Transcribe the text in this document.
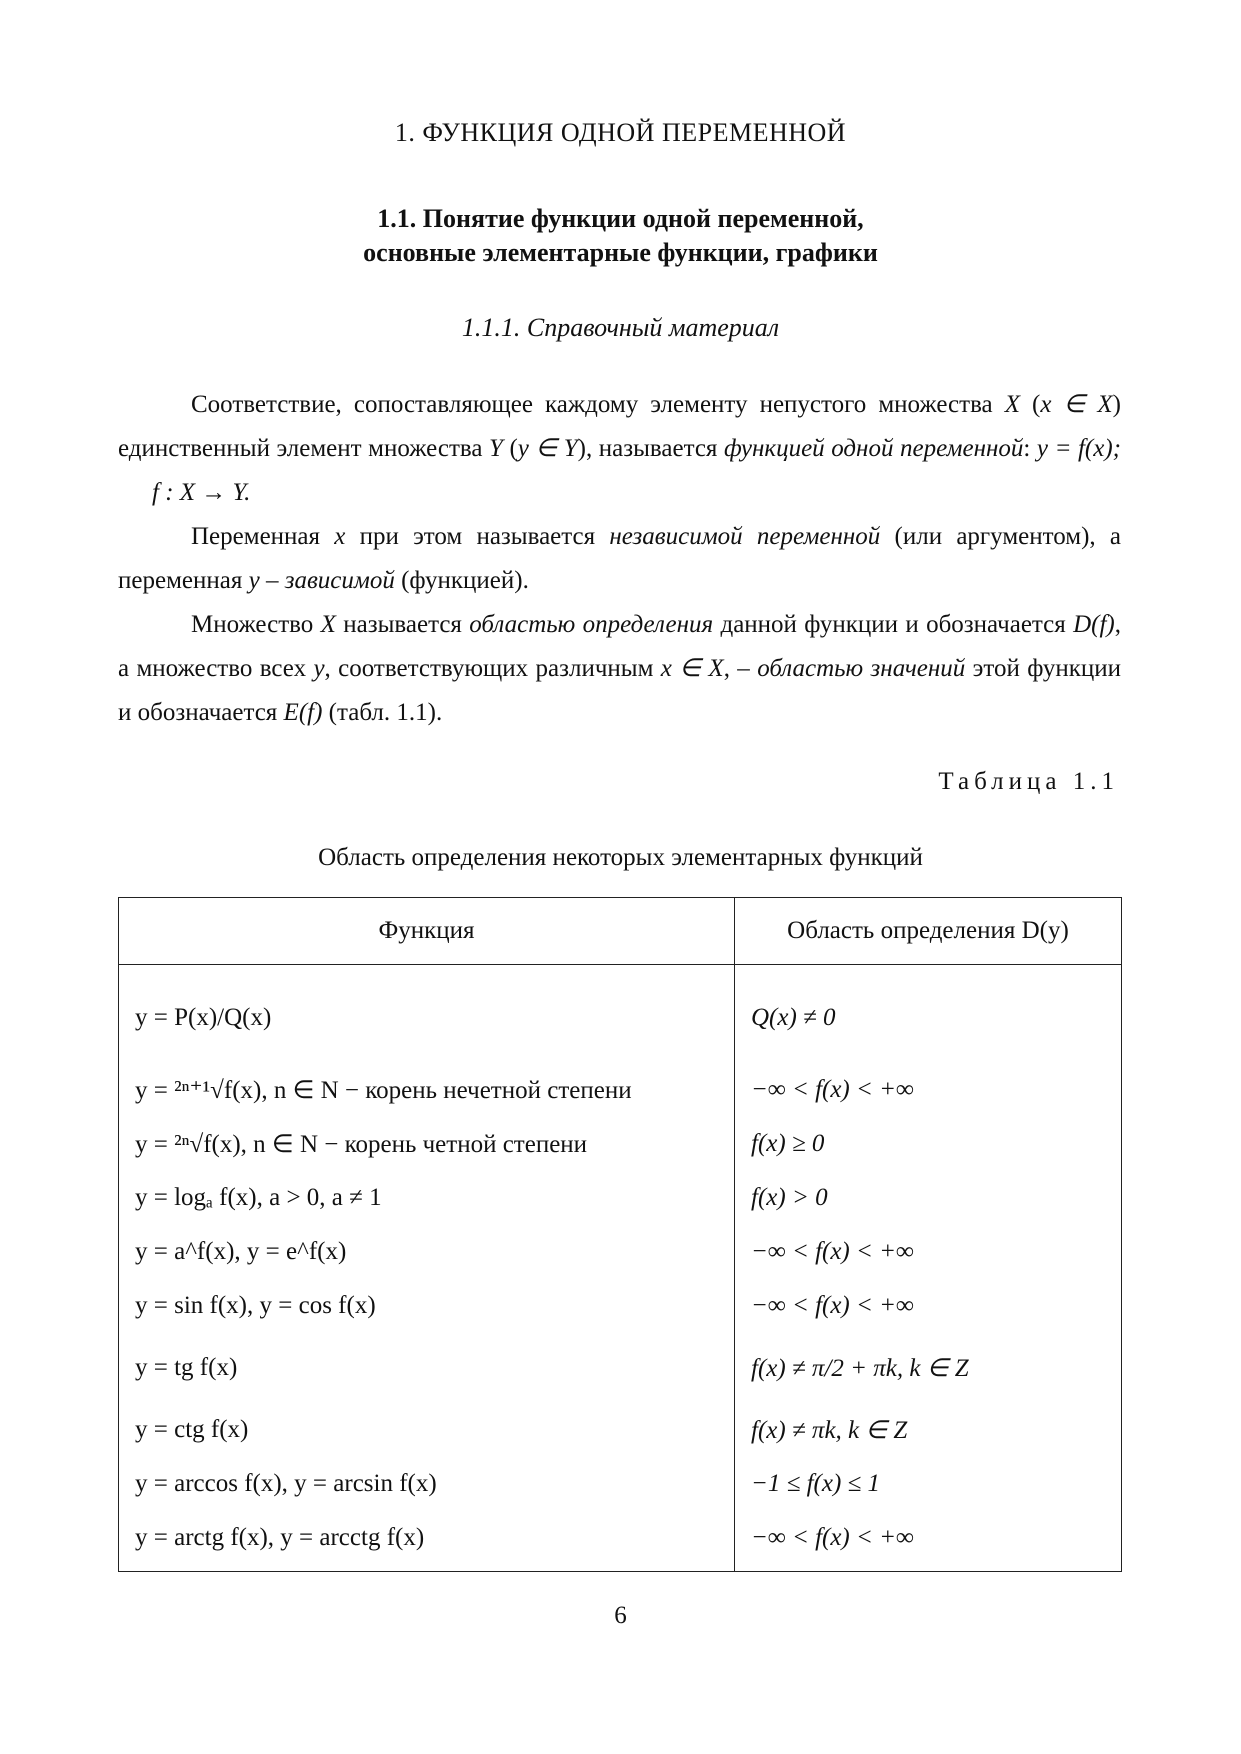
1. ФУНКЦИЯ ОДНОЙ ПЕРЕМЕННОЙ
1.1. Понятие функции одной переменной,
основные элементарные функции, графики
1.1.1. Справочный материал

Соответствие, сопоставляющее каждому элементу непустого множества X (x ∈ X) единственный элемент множества Y (y ∈ Y), называется функцией одной переменной: y = f(x);f : X → Y.

Переменная x при этом называется независимой переменной (или аргументом), а переменная y – зависимой (функцией).

Множество X называется областью определения данной функции и обозначается D(f), а множество всех y, соответствующих различным x ∈ X, – областью значений этой функции и обозначается E(f) (табл. 1.1).

Таблица 1.1
Область определения некоторых элементарных функций
Функция	Область определения D(y)
y = P(x)/Q(x)	Q(x) ≠ 0
y = ²ⁿ⁺¹√f(x), n ∈ N − корень нечетной степени	−∞ < f(x) < +∞
y = ²ⁿ√f(x), n ∈ N − корень четной степени	f(x) ≥ 0
y = logₐ f(x), a > 0, a ≠ 1	f(x) > 0
y = a^f(x), y = e^f(x)	−∞ < f(x) < +∞
y = sin f(x), y = cos f(x)	−∞ < f(x) < +∞
y = tg f(x)	f(x) ≠ π/2 + πk, k ∈ Z
y = ctg f(x)	f(x) ≠ πk, k ∈ Z
y = arccos f(x), y = arcsin f(x)	−1 ≤ f(x) ≤ 1
y = arctg f(x), y = arcctg f(x)	−∞ < f(x) < +∞
6
